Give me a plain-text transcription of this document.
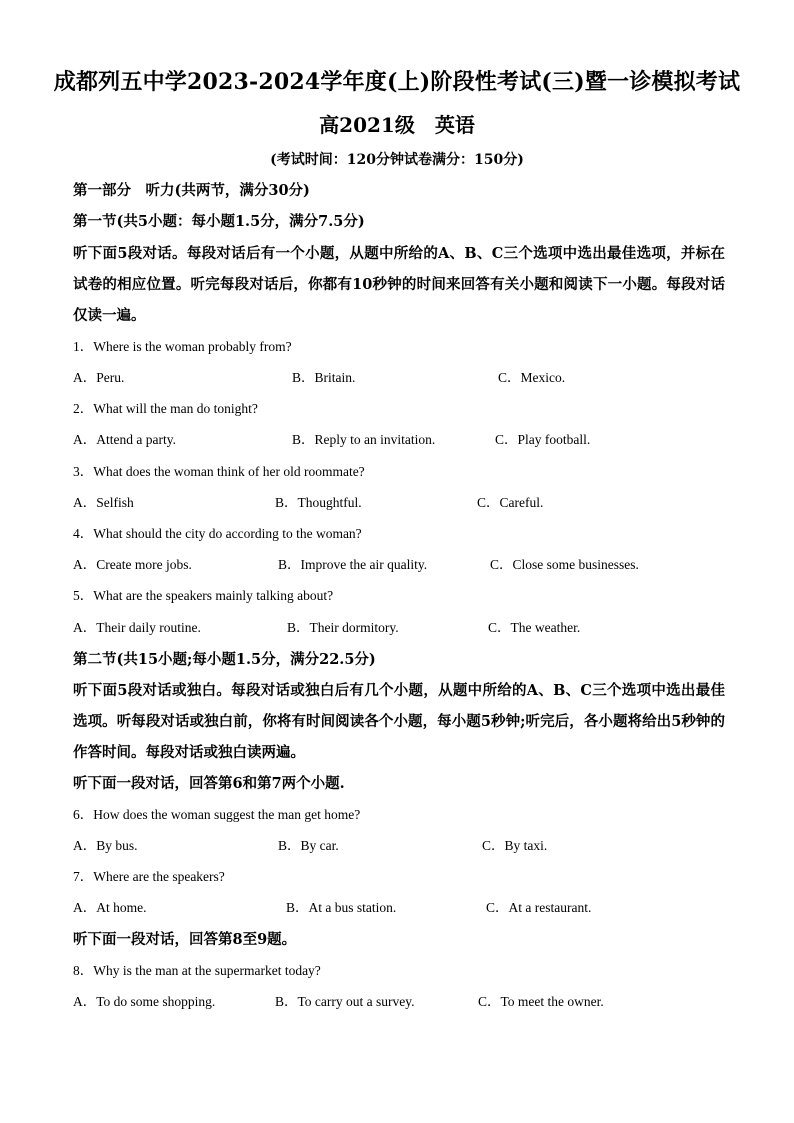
成都列五中学2023-2024学年度(上)阶段性考试(三)暨一诊模拟考试
高2021级　英语
(考试时间：120分钟试卷满分：150分)
第一部分　听力(共两节，满分30分)
第一节(共5小题：每小题1.5分，满分7.5分)
听下面5段对话。每段对话后有一个小题，从题中所给的A、B、C三个选项中选出最佳选项，并标在试卷的相应位置。听完每段对话后，你都有10秒钟的时间来回答有关小题和阅读下一小题。每段对话仅读一遍。
1．Where is the woman probably from?
A．Peru.	B．Britain.	C．Mexico.
2．What will the man do tonight?
A．Attend a party.	B．Reply to an invitation.	C．Play football.
3．What does the woman think of her old roommate?
A．Selfish	B．Thoughtful.	C．Careful.
4．What should the city do according to the woman?
A．Create more jobs.	B．Improve the air quality.	C．Close some businesses.
5．What are the speakers mainly talking about?
A．Their daily routine.	B．Their dormitory.	C．The weather.
第二节(共15小题;每小题1.5分，满分22.5分)
听下面5段对话或独白。每段对话或独白后有几个小题，从题中所给的A、B、C三个选项中选出最佳选项。听每段对话或独白前，你将有时间阅读各个小题，每小题5秒钟;听完后，各小题将给出5秒钟的作答时间。每段对话或独白读两遍。
听下面一段对话，回答第6和第7两个小题.
6．How does the woman suggest the man get home?
A．By bus.	B．By car.	C．By taxi.
7．Where are the speakers?
A．At home.	B．At a bus station.	C．At a restaurant.
听下面一段对话，回答第8至9题。
8．Why is the man at the supermarket today?
A．To do some shopping.	B．To carry out a survey.	C．To meet the owner.
